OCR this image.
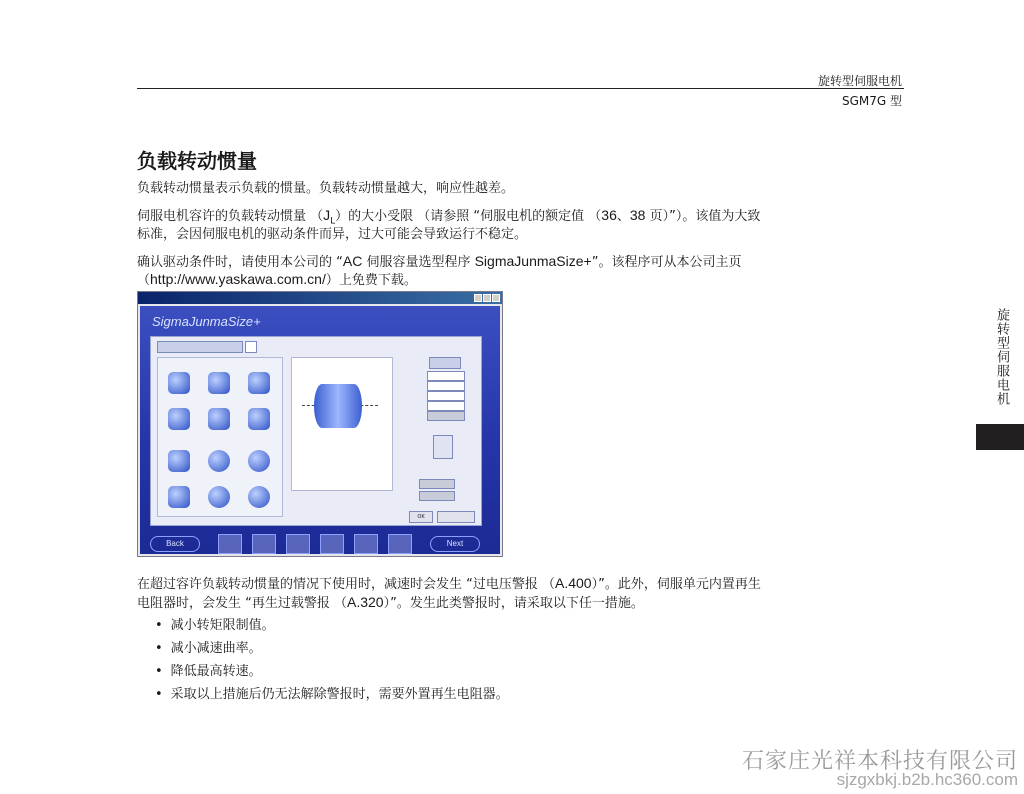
旋转型伺服电机
SGM7G 型
旋转型伺服电机
负载转动惯量
负载转动惯量表示负载的惯量。负载转动惯量越大，响应性越差。
伺服电机容许的负载转动惯量 $(J_L)$的大小受限 （请参照 “伺服电机的额定值 （36、38 页）”）。该值为大致
标准，会因伺服电机的驱动条件而异，过大可能会导致运行不稳定。
确认驱动条件时，请使用本公司的 “AC 伺服容量选型程序 SigmaJunmaSize+”。该程序可从本公司主页
（http://www.yaskawa.com.cn/）上免费下载。
SigmaJunmaSize+
OK
Back	Next
在超过容许负载转动惯量的情况下使用时，减速时会发生 “过电压警报 （A.400）”。此外，伺服单元内置再生
电阻器时，会发生 “再生过载警报 （A.320）”。发生此类警报时，请采取以下任一措施。
• 减小转矩限制值。
• 减小减速曲率。
• 降低最高转速。
• 采取以上措施后仍无法解除警报时，需要外置再生电阻器。
石家庄光祥本科技有限公司
sjzgxbkj.b2b.hc360.com
